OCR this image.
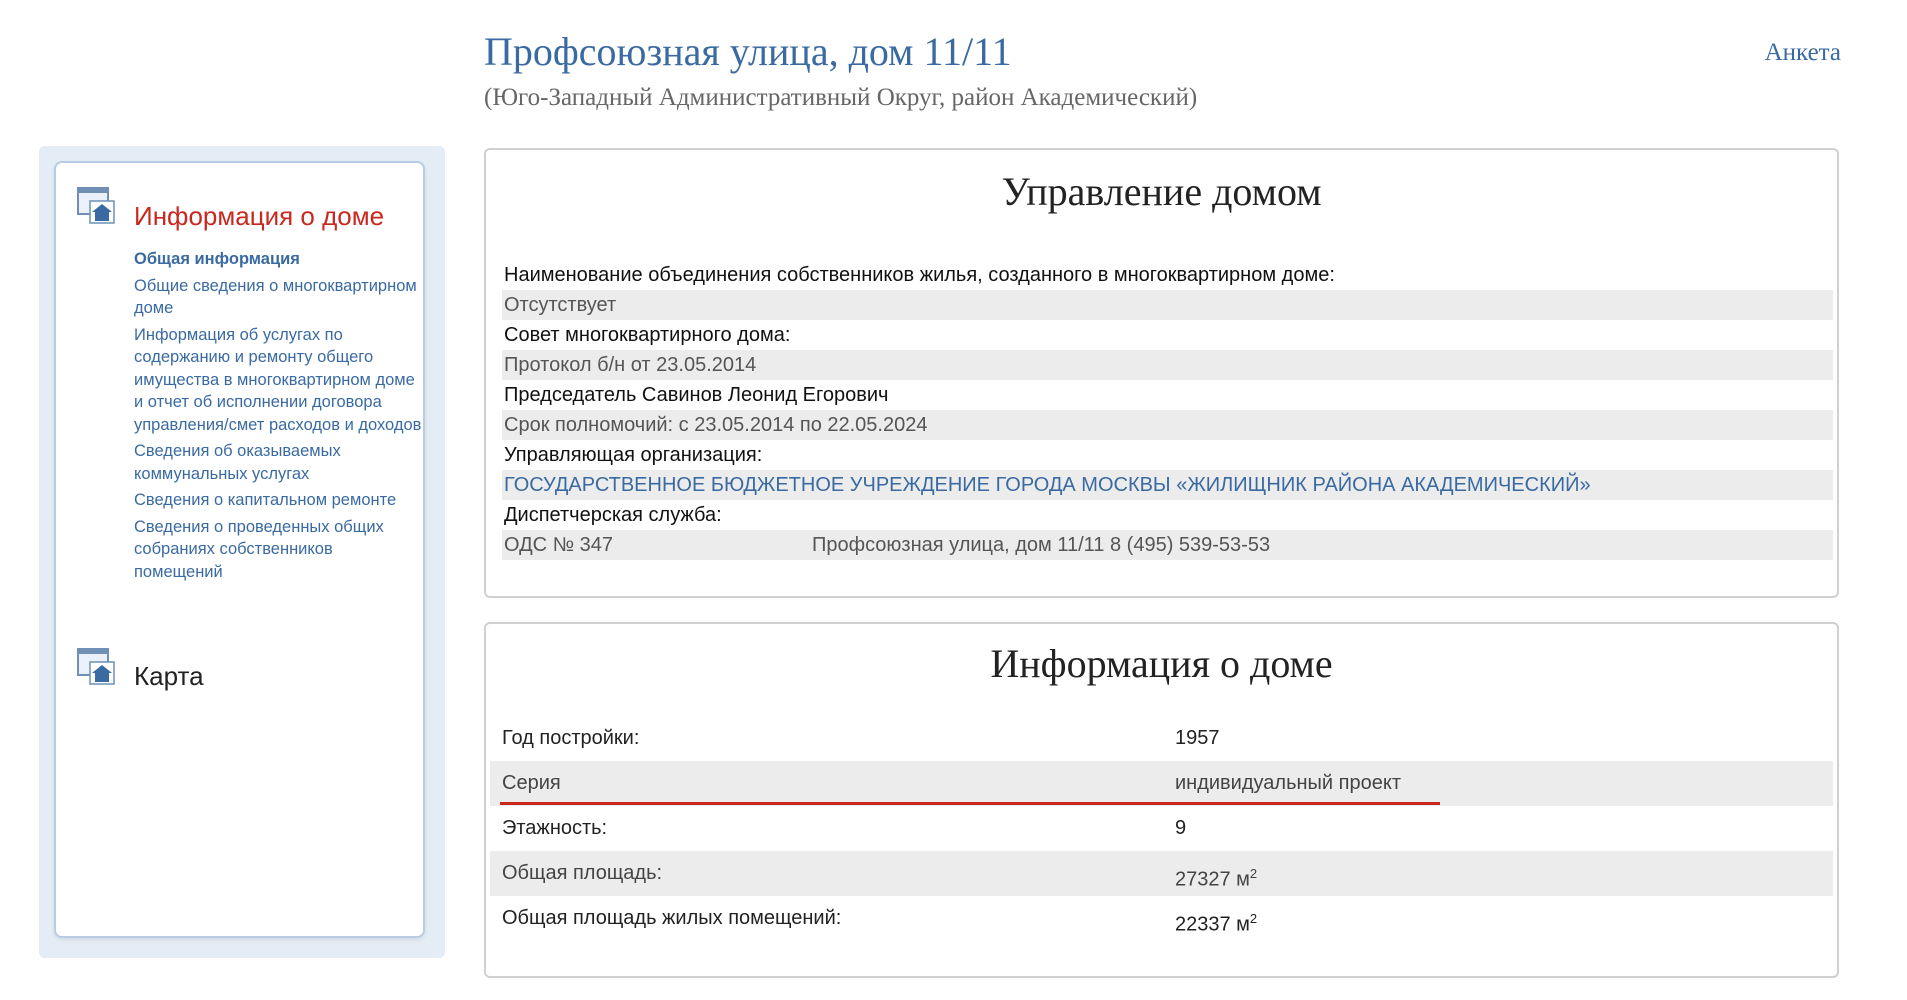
Профсоюзная улица, дом 11/11
(Юго-Западный Административный Округ, район Академический)
Анкета
Информация о доме
Общая информация
Общие сведения о многоквартирном доме
Информация об услугах по содержанию и ремонту общего имущества в многоквартирном доме и отчет об исполнении договора управления/смет расходов и доходов
Сведения об оказываемых коммунальных услугах
Сведения о капитальном ремонте
Сведения о проведенных общих собраниях собственников помещений
Карта
Управление домом
Наименование объединения собственников жилья, созданного в многоквартирном доме:
Отсутствует
Совет многоквартирного дома:
Протокол б/н от 23.05.2014
Председатель Савинов Леонид Егорович
Срок полномочий: с 23.05.2014 по 22.05.2024
Управляющая организация:
ГОСУДАРСТВЕННОЕ БЮДЖЕТНОЕ УЧРЕЖДЕНИЕ ГОРОДА МОСКВЫ «ЖИЛИЩНИК РАЙОНА АКАДЕМИЧЕСКИЙ»
Диспетчерская служба:
ОДС № 347	Профсоюзная улица, дом 11/11 8 (495) 539-53-53
Информация о доме
Год постройки:	1957
Серия	индивидуальный проект
Этажность:	9
Общая площадь:	27327 $м^2$
Общая площадь жилых помещений:	22337 $м^2$
